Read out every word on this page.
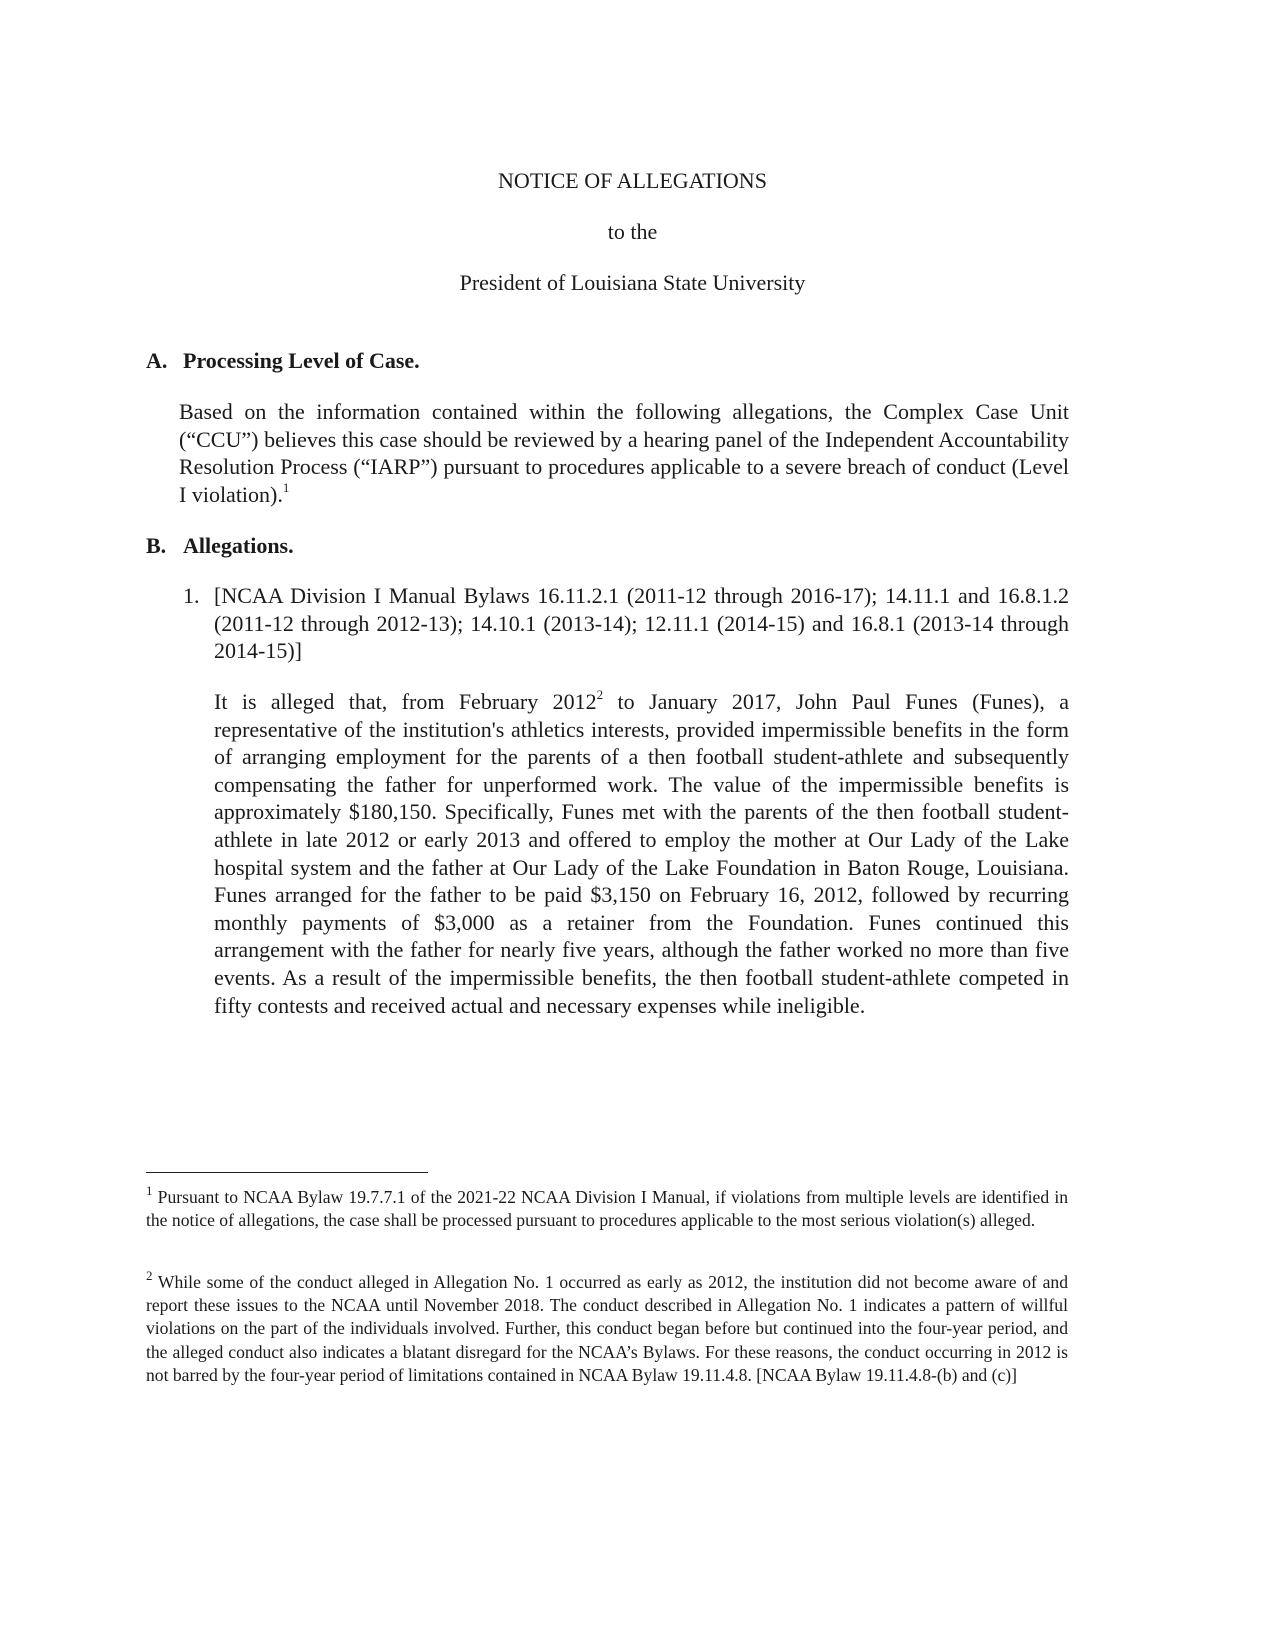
NOTICE OF ALLEGATIONS
to the
President of Louisiana State University
A. Processing Level of Case.
Based on the information contained within the following allegations, the Complex Case Unit (“CCU”) believes this case should be reviewed by a hearing panel of the Independent Accountability Resolution Process (“IARP”) pursuant to procedures applicable to a severe breach of conduct (Level I violation).$^1$
B. Allegations.
1. [NCAA Division I Manual Bylaws 16.11.2.1 (2011-12 through 2016-17); 14.11.1 and 16.8.1.2 (2011-12 through 2012-13); 14.10.1 (2013-14); 12.11.1 (2014-15) and 16.8.1 (2013-14 through 2014-15)]
It is alleged that, from February 2012$^2$ to January 2017, John Paul Funes (Funes), a representative of the institution's athletics interests, provided impermissible benefits in the form of arranging employment for the parents of a then football student-athlete and subsequently compensating the father for unperformed work. The value of the impermissible benefits is approximately $180,150. Specifically, Funes met with the parents of the then football student-athlete in late 2012 or early 2013 and offered to employ the mother at Our Lady of the Lake hospital system and the father at Our Lady of the Lake Foundation in Baton Rouge, Louisiana. Funes arranged for the father to be paid $3,150 on February 16, 2012, followed by recurring monthly payments of $3,000 as a retainer from the Foundation. Funes continued this arrangement with the father for nearly five years, although the father worked no more than five events. As a result of the impermissible benefits, the then football student-athlete competed in fifty contests and received actual and necessary expenses while ineligible.
$^1$ Pursuant to NCAA Bylaw 19.7.7.1 of the 2021-22 NCAA Division I Manual, if violations from multiple levels are identified in the notice of allegations, the case shall be processed pursuant to procedures applicable to the most serious violation(s) alleged.
$^2$ While some of the conduct alleged in Allegation No. 1 occurred as early as 2012, the institution did not become aware of and report these issues to the NCAA until November 2018. The conduct described in Allegation No. 1 indicates a pattern of willful violations on the part of the individuals involved. Further, this conduct began before but continued into the four-year period, and the alleged conduct also indicates a blatant disregard for the NCAA’s Bylaws. For these reasons, the conduct occurring in 2012 is not barred by the four-year period of limitations contained in NCAA Bylaw 19.11.4.8. [NCAA Bylaw 19.11.4.8-(b) and (c)]
